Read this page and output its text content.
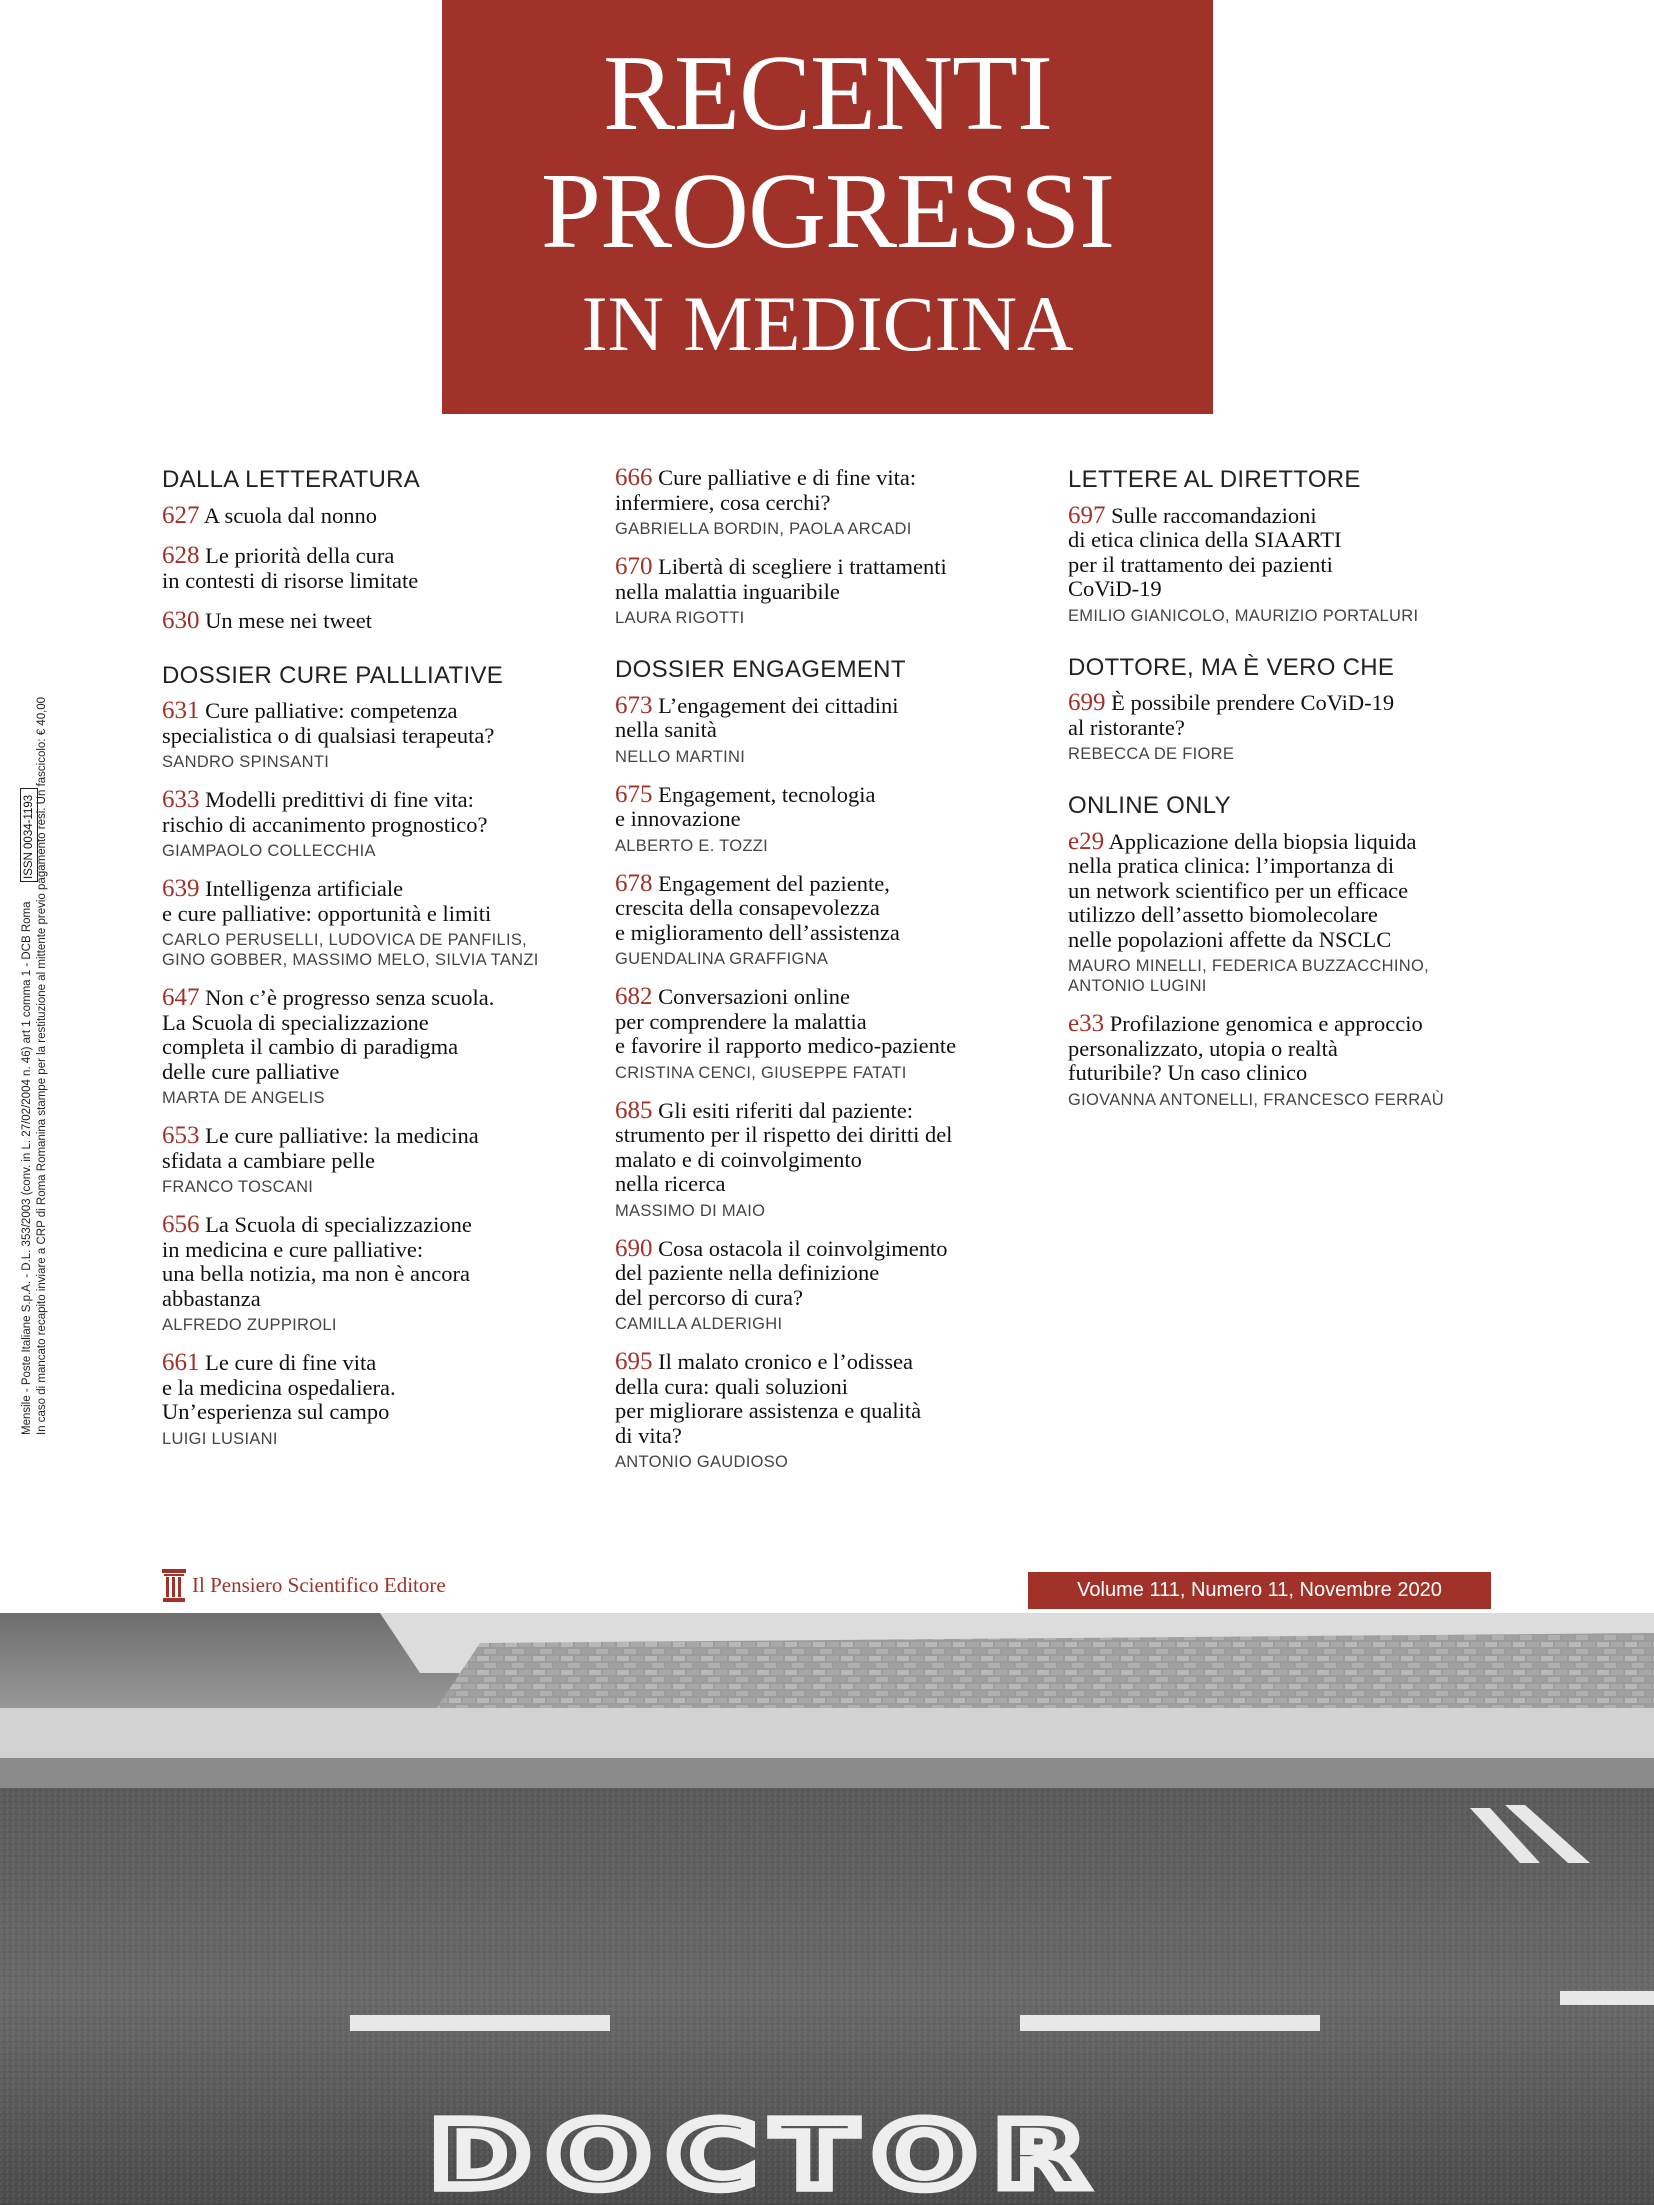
RECENTI
PROGRESSI
IN MEDICINA
DALLA LETTERATURA
627 A scuola dal nonno
628 Le priorità della cura
in contesti di risorse limitate
630 Un mese nei tweet
DOSSIER CURE PALLLIATIVE
631 Cure palliative: competenza
specialistica o di qualsiasi terapeuta?
SANDRO SPINSANTI
633 Modelli predittivi di fine vita:
rischio di accanimento prognostico?
GIAMPAOLO COLLECCHIA
639 Intelligenza artificiale
e cure palliative: opportunità e limiti
CARLO PERUSELLI, LUDOVICA DE PANFILIS,
GINO GOBBER, MASSIMO MELO, SILVIA TANZI
647 Non c’è progresso senza scuola.
La Scuola di specializzazione
completa il cambio di paradigma
delle cure palliative
MARTA DE ANGELIS
653 Le cure palliative: la medicina
sfidata a cambiare pelle
FRANCO TOSCANI
656 La Scuola di specializzazione
in medicina e cure palliative:
una bella notizia, ma non è ancora
abbastanza
ALFREDO ZUPPIROLI
661 Le cure di fine vita
e la medicina ospedaliera.
Un’esperienza sul campo
LUIGI LUSIANI
666 Cure palliative e di fine vita:
infermiere, cosa cerchi?
GABRIELLA BORDIN, PAOLA ARCADI
670 Libertà di scegliere i trattamenti
nella malattia inguaribile
LAURA RIGOTTI
DOSSIER ENGAGEMENT
673 L’engagement dei cittadini
nella sanità
NELLO MARTINI
675 Engagement, tecnologia
e innovazione
ALBERTO E. TOZZI
678 Engagement del paziente,
crescita della consapevolezza
e miglioramento dell’assistenza
GUENDALINA GRAFFIGNA
682 Conversazioni online
per comprendere la malattia
e favorire il rapporto medico-paziente
CRISTINA CENCI, GIUSEPPE FATATI
685 Gli esiti riferiti dal paziente:
strumento per il rispetto dei diritti del
malato e di coinvolgimento
nella ricerca
MASSIMO DI MAIO
690 Cosa ostacola il coinvolgimento
del paziente nella definizione
del percorso di cura?
CAMILLA ALDERIGHI
695 Il malato cronico e l’odissea
della cura: quali soluzioni
per migliorare assistenza e qualità
di vita?
ANTONIO GAUDIOSO
LETTERE AL DIRETTORE
697 Sulle raccomandazioni
di etica clinica della SIAARTI
per il trattamento dei pazienti
CoViD-19
EMILIO GIANICOLO, MAURIZIO PORTALURI
DOTTORE, MA È VERO CHE
699 È possibile prendere CoViD-19
al ristorante?
REBECCA DE FIORE
ONLINE ONLY
e29 Applicazione della biopsia liquida
nella pratica clinica: l’importanza di
un network scientifico per un efficace
utilizzo dell’assetto biomolecolare
nelle popolazioni affette da NSCLC
MAURO MINELLI, FEDERICA BUZZACCHINO,
ANTONIO LUGINI
e33 Profilazione genomica e approccio
personalizzato, utopia o realtà
futuribile? Un caso clinico
GIOVANNA ANTONELLI, FRANCESCO FERRAÙ
Mensile - Poste Italiane S.p.A. - D.L. 353/2003 (conv. in L. 27/02/2004 n. 46) art 1 comma 1 - DCB Roma In caso di mancato recapito inviare a CRP di Roma Romanina stampe per la restituzione al mittente previo pagamento resi. Un fascicolo: € 40,00
ISSN 0034-1193
Il Pensiero Scientifico Editore	Volume 111, Numero 11, Novembre 2020
DOCTOR
